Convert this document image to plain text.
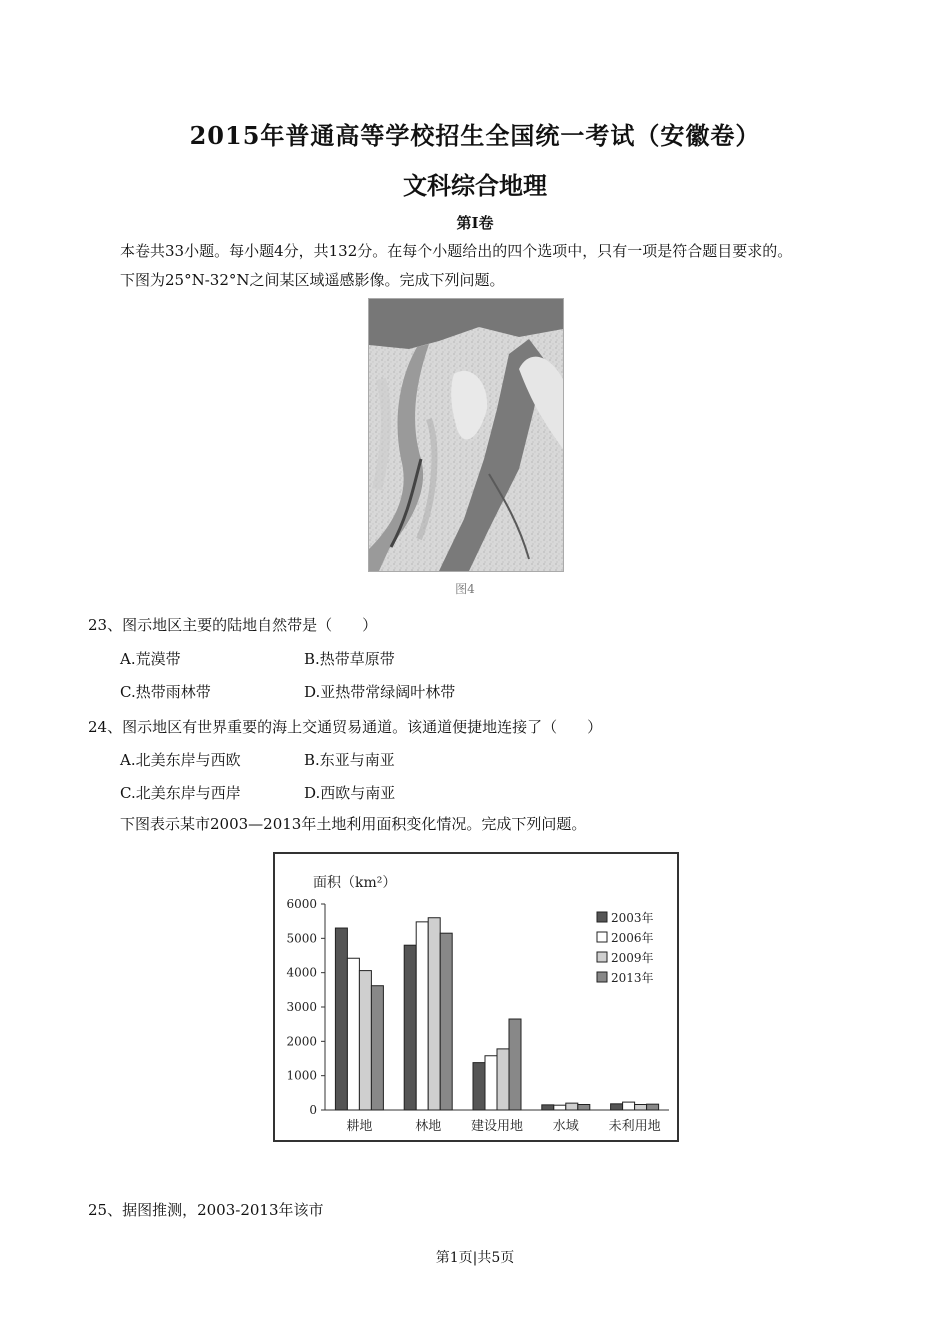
2015年普通高等学校招生全国统一考试（安徽卷）
文科综合地理
第Ⅰ卷
本卷共33小题。每小题4分，共132分。在每个小题给出的四个选项中，只有一项是符合题目要求的。
下图为25°N-32°N之间某区域遥感影像。完成下列问题。
图4
23、图示地区主要的陆地自然带是（　　）
A.荒漠带	B.热带草原带
C.热带雨林带	D.亚热带常绿阔叶林带
24、图示地区有世界重要的海上交通贸易通道。该通道便捷地连接了（　　）
A.北美东岸与西欧	B.东亚与南亚
C.北美东岸与西岸	D.西欧与南亚
下图表示某市2003—2013年土地利用面积变化情况。完成下列问题。
面积（km²）
0
1000
2000
3000
4000
5000
6000
耕地	林地 建设用地 水域 未利用地
2003年
2006年
2009年
2013年
25、据图推测，2003-2013年该市
第1页|共5页
